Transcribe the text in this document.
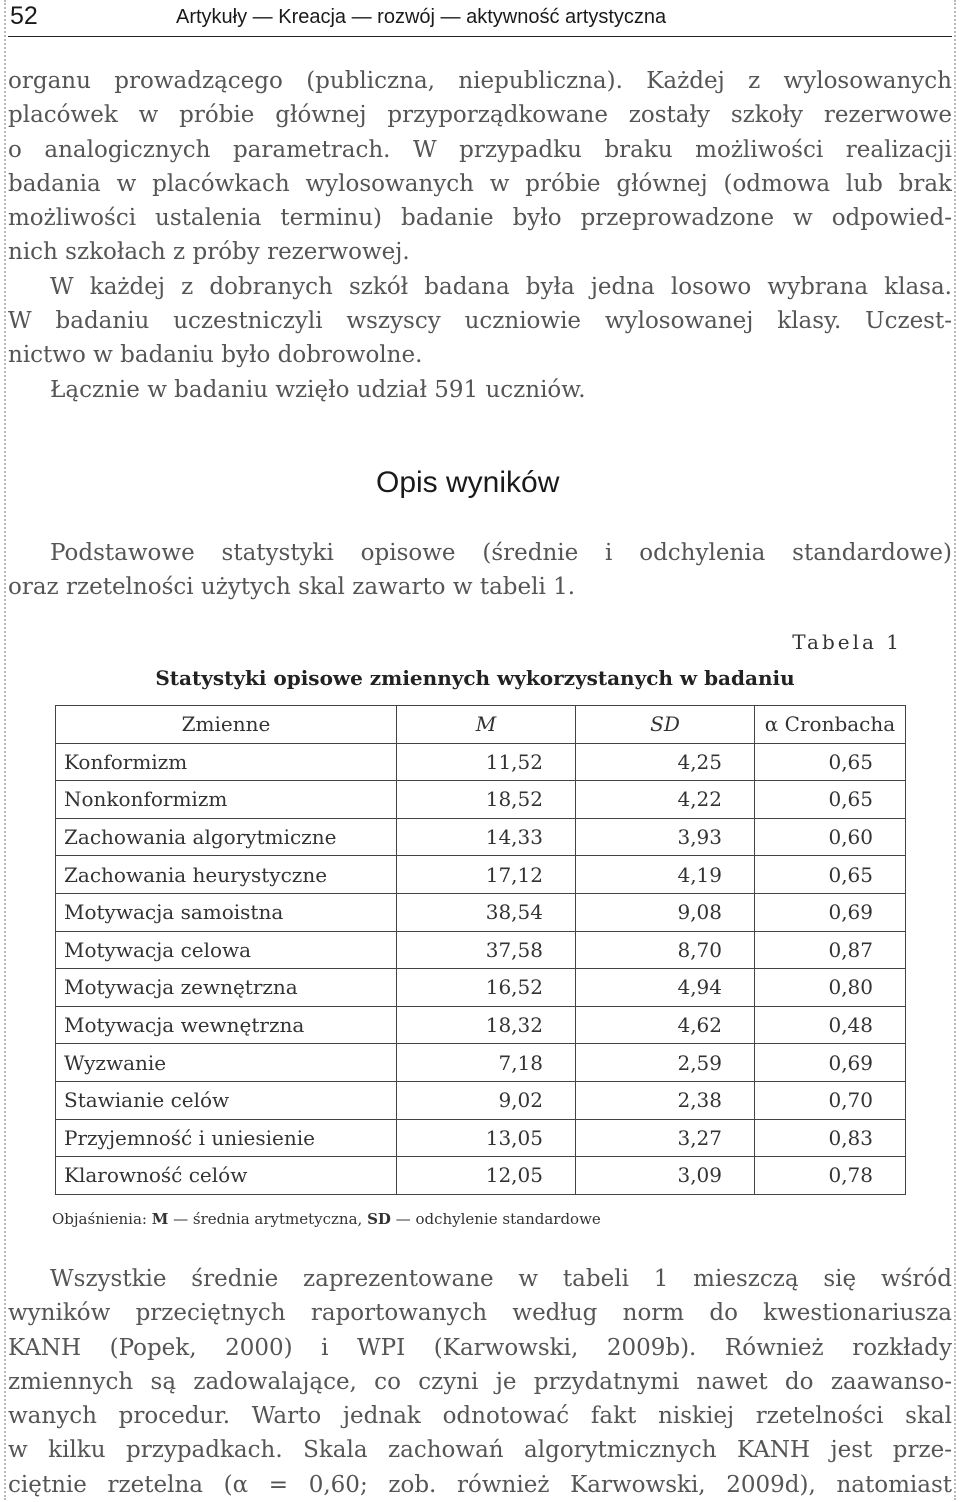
52	Artykuły — Kreacja — rozwój — aktywność artystyczna

organu prowadzącego (publiczna, niepubliczna). Każdej z wylosowanych
placówek w próbie głównej przyporządkowane zostały szkoły rezerwowe
o analogicznych parametrach. W przypadku braku możliwości realizacji
badania w placówkach wylosowanych w próbie głównej (odmowa lub brak
możliwości ustalenia terminu) badanie było przeprowadzone w odpowied-
nich szkołach z próby rezerwowej.
W każdej z dobranych szkół badana była jedna losowo wybrana klasa.
W badaniu uczestniczyli wszyscy uczniowie wylosowanej klasy. Uczest-
nictwo w badaniu było dobrowolne.
Łącznie w badaniu wzięło udział 591 uczniów.

Opis wyników

Podstawowe statystyki opisowe (średnie i odchylenia standardowe)
oraz rzetelności użytych skal zawarto w tabeli 1.

Tabela 1
Statystyki opisowe zmiennych wykorzystanych w badaniu
Zmienne	M	SD	α Cronbacha
Konformizm	11,52	4,25	0,65
Nonkonformizm	18,52	4,22	0,65
Zachowania algorytmiczne	14,33	3,93	0,60
Zachowania heurystyczne	17,12	4,19	0,65
Motywacja samoistna	38,54	9,08	0,69
Motywacja celowa	37,58	8,70	0,87
Motywacja zewnętrzna	16,52	4,94	0,80
Motywacja wewnętrzna	18,32	4,62	0,48
Wyzwanie	7,18	2,59	0,69
Stawianie celów	9,02	2,38	0,70
Przyjemność i uniesienie	13,05	3,27	0,83
Klarowność celów	12,05	3,09	0,78
Objaśnienia: M — średnia arytmetyczna, SD — odchylenie standardowe

Wszystkie średnie zaprezentowane w tabeli 1 mieszczą się wśród
wyników przeciętnych raportowanych według norm do kwestionariusza
KANH (Popek, 2000) i WPI (Karwowski, 2009b). Również rozkłady
zmiennych są zadowalające, co czyni je przydatnymi nawet do zaawanso-
wanych procedur. Warto jednak odnotować fakt niskiej rzetelności skal
w kilku przypadkach. Skala zachowań algorytmicznych KANH jest prze-
ciętnie rzetelna (α = 0,60; zob. również Karwowski, 2009d), natomiast
